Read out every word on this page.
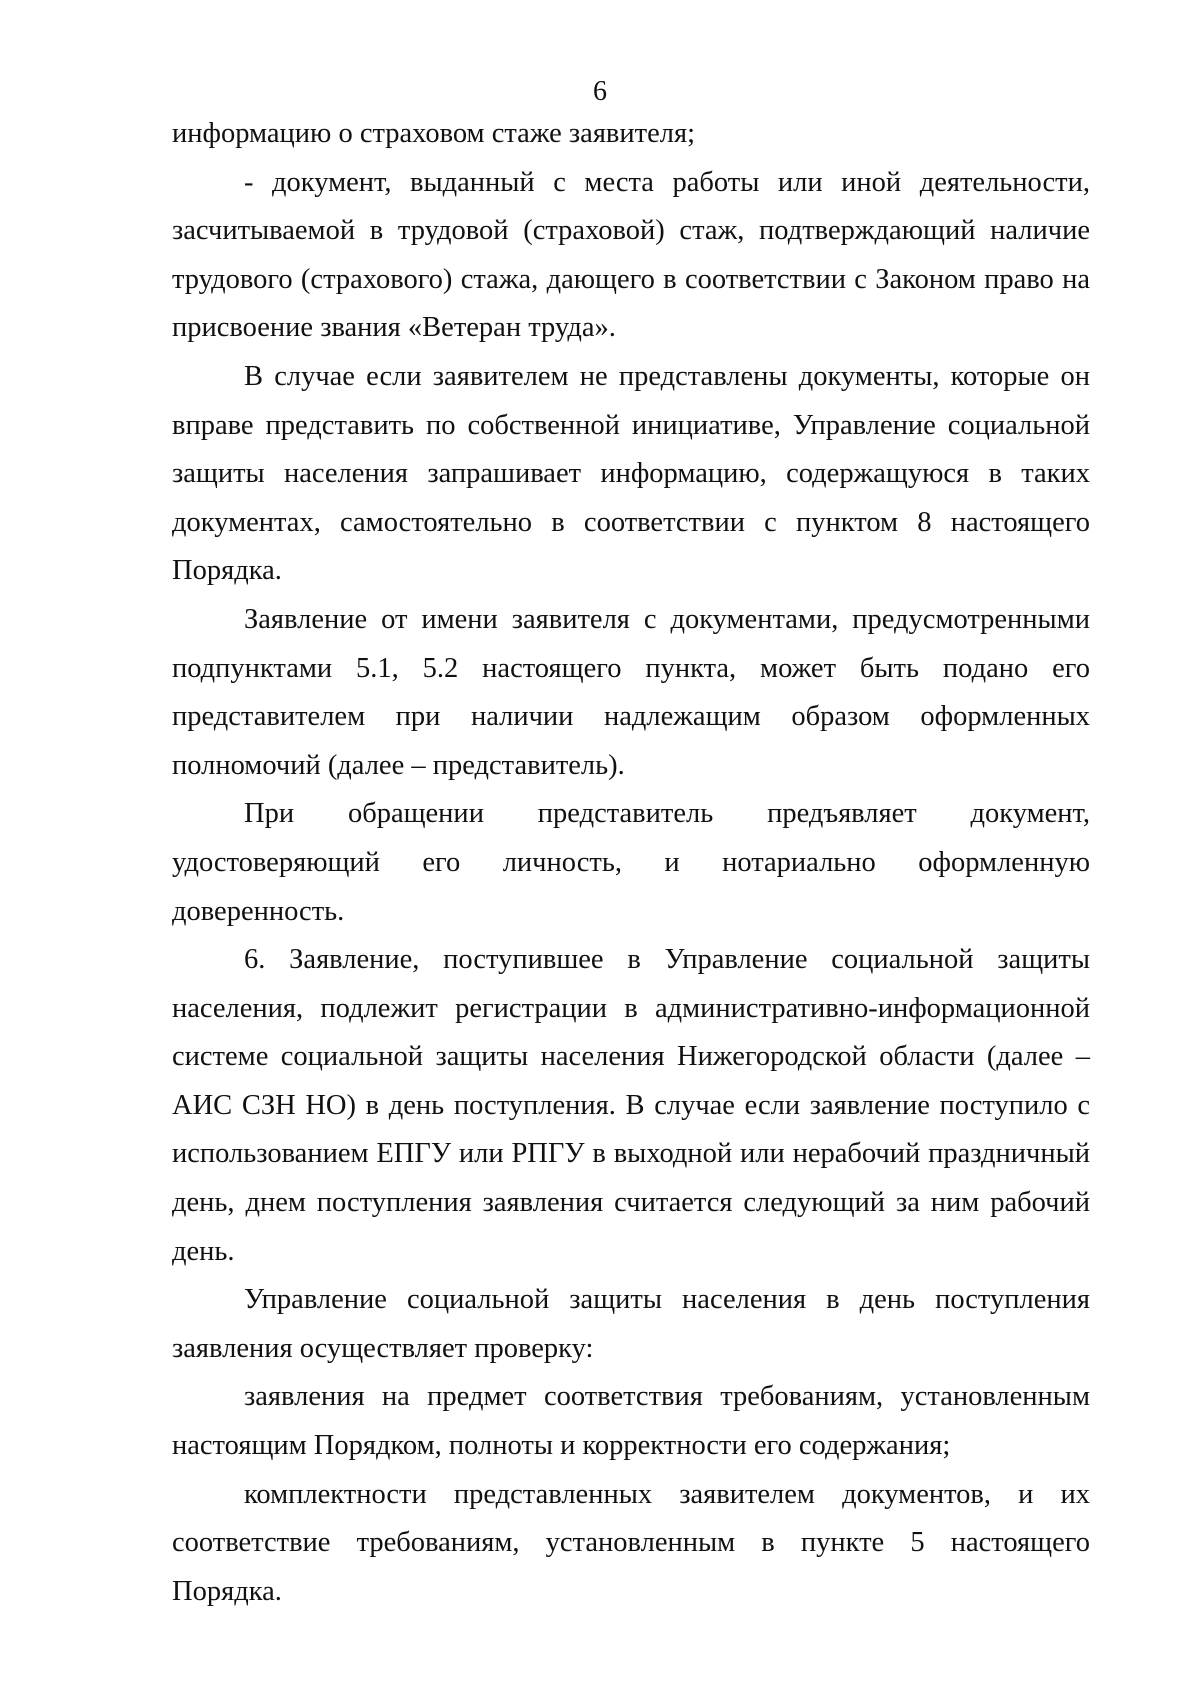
6

информацию о страховом стаже заявителя;

- документ, выданный с места работы или иной деятельности, засчитываемой в трудовой (страховой) стаж, подтверждающий наличие трудового (страхового) стажа, дающего в соответствии с Законом право на присвоение звания «Ветеран труда».

В случае если заявителем не представлены документы, которые он вправе представить по собственной инициативе, Управление социальной защиты населения запрашивает информацию, содержащуюся в таких документах, самостоятельно в соответствии с пунктом 8 настоящего Порядка.

Заявление от имени заявителя с документами, предусмотренными подпунктами 5.1, 5.2 настоящего пункта, может быть подано его представителем при наличии надлежащим образом оформленных полномочий (далее – представитель).

При обращении представитель предъявляет документ, удостоверяющий его личность, и нотариально оформленную доверенность.

6. Заявление, поступившее в Управление социальной защиты населения, подлежит регистрации в административно-информационной системе социальной защиты населения Нижегородской области (далее – АИС СЗН НО) в день поступления. В случае если заявление поступило с использованием ЕПГУ или РПГУ в выходной или нерабочий праздничный день, днем поступления заявления считается следующий за ним рабочий день.

Управление социальной защиты населения в день поступления заявления осуществляет проверку:

заявления на предмет соответствия требованиям, установленным настоящим Порядком, полноты и корректности его содержания;

комплектности представленных заявителем документов, и их соответствие требованиям, установленным в пункте 5 настоящего Порядка.
